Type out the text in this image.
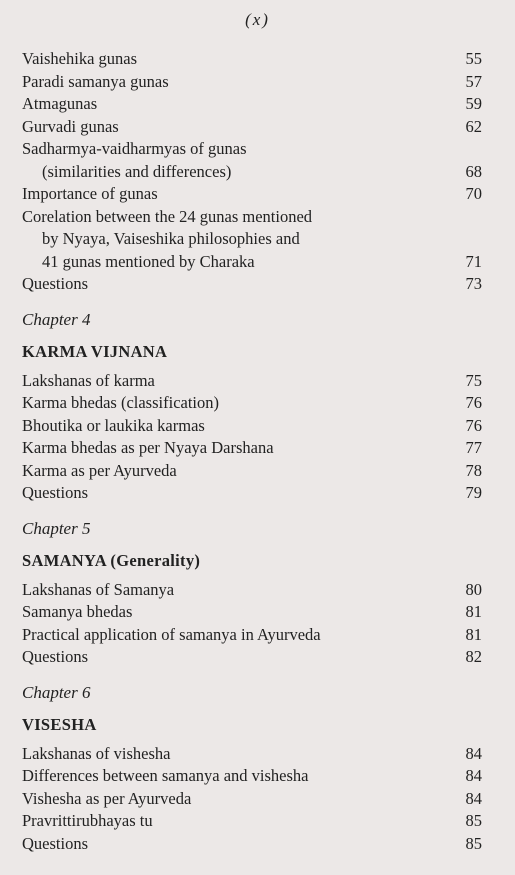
(x)
Vaishehika gunas	55
Paradi samanya gunas	57
Atmagunas	59
Gurvadi gunas	62
Sadharmya-vaidharmyas of gunas
(similarities and differences)	68
Importance of gunas	70
Corelation between the 24 gunas mentioned
by Nyaya, Vaiseshika philosophies and
41 gunas mentioned by Charaka	71
Questions	73
Chapter 4
KARMA VIJNANA
Lakshanas of karma	75
Karma bhedas (classification)	76
Bhoutika or laukika karmas	76
Karma bhedas as per Nyaya Darshana	77
Karma as per Ayurveda	78
Questions	79
Chapter 5
SAMANYA (Generality)
Lakshanas of Samanya	80
Samanya bhedas	81
Practical application of samanya in Ayurveda	81
Questions	82
Chapter 6
VISESHA
Lakshanas of vishesha	84
Differences between samanya and vishesha	84
Vishesha as per Ayurveda	84
Pravrittirubhayas tu	85
Questions	85
